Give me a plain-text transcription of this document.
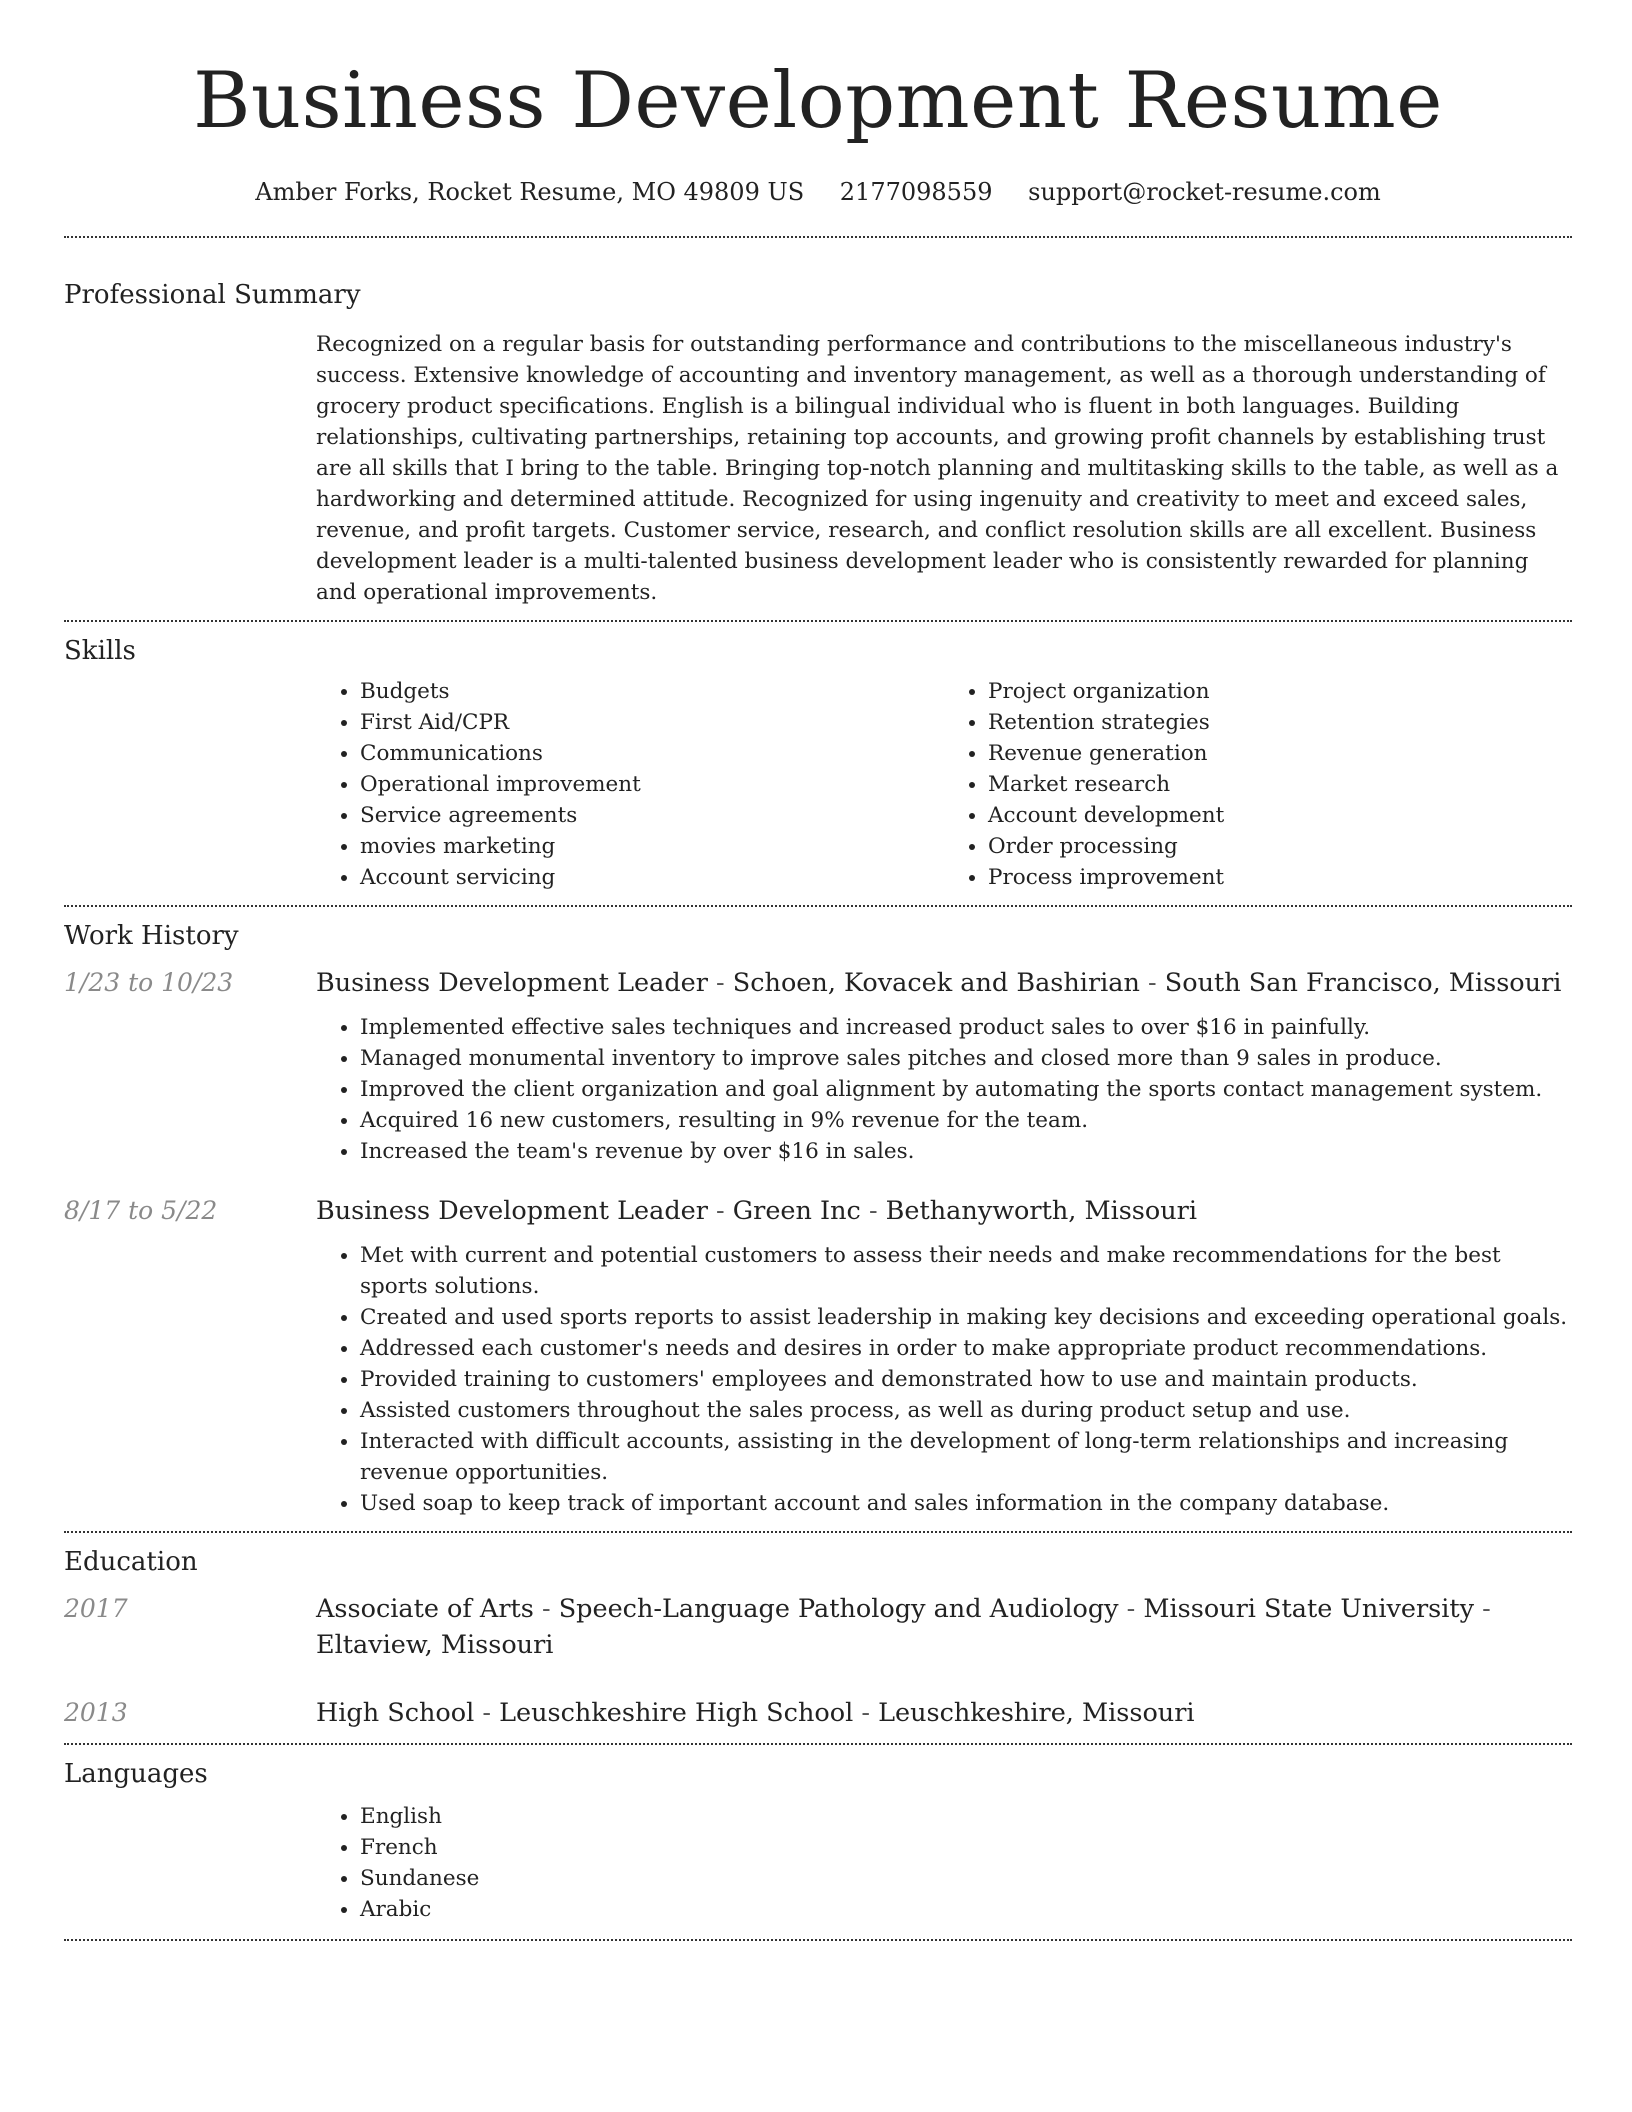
Business Development Resume
Amber Forks, Rocket Resume, MO 49809 US 2177098559 support@rocket-resume.com
Professional Summary

Recognized on a regular basis for outstanding performance and contributions to the miscellaneous industry's success. Extensive knowledge of accounting and inventory management, as well as a thorough understanding of grocery product specifications. English is a bilingual individual who is fluent in both languages. Building relationships, cultivating partnerships, retaining top accounts, and growing profit channels by establishing trust are all skills that I bring to the table. Bringing top-notch planning and multitasking skills to the table, as well as a hardworking and determined attitude. Recognized for using ingenuity and creativity to meet and exceed sales, revenue, and profit targets. Customer service, research, and conflict resolution skills are all excellent. Business development leader is a multi-talented business development leader who is consistently rewarded for planning and operational improvements.

Skills
• Budgets
• First Aid/CPR
• Communications
• Operational improvement
• Service agreements
• movies marketing
• Account servicing
• Project organization
• Retention strategies
• Revenue generation
• Market research
• Account development
• Order processing
• Process improvement
Work History
1/23 to 10/23	Business Development Leader - Schoen, Kovacek and Bashirian - South San Francisco, Missouri
• Implemented effective sales techniques and increased product sales to over $16 in painfully.
• Managed monumental inventory to improve sales pitches and closed more than 9 sales in produce.
• Improved the client organization and goal alignment by automating the sports contact management system.
• Acquired 16 new customers, resulting in 9% revenue for the team.
• Increased the team's revenue by over $16 in sales.
8/17 to 5/22	Business Development Leader - Green Inc - Bethanyworth, Missouri
• Met with current and potential customers to assess their needs and make recommendations for the best sports solutions.
• Created and used sports reports to assist leadership in making key decisions and exceeding operational goals.
• Addressed each customer's needs and desires in order to make appropriate product recommendations.
• Provided training to customers' employees and demonstrated how to use and maintain products.
• Assisted customers throughout the sales process, as well as during product setup and use.
• Interacted with difficult accounts, assisting in the development of long-term relationships and increasing revenue opportunities.
• Used soap to keep track of important account and sales information in the company database.
Education
2017	Associate of Arts - Speech-Language Pathology and Audiology - Missouri State University - Eltaview, Missouri
2013	High School - Leuschkeshire High School - Leuschkeshire, Missouri
Languages
• English
• French
• Sundanese
• Arabic
